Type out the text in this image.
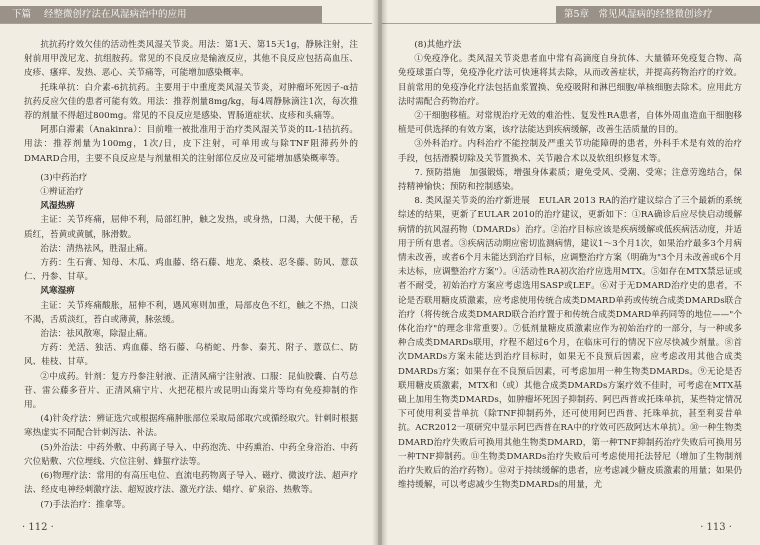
下篇 经整微创疗法在风湿病治中的应用

抗抗药疗效欠佳的活动性类风湿关节炎。用法：第1天、第15天1g，静脉注射，注射前用甲泼尼龙、抗组胺药。常见的不良反应是输液反应，其他不良反应包括高血压、皮疹、瘙痒、发热、恶心、关节痛等，可能增加感染概率。

托珠单抗：白介素-6抗抗药。主要用于中重度类风湿关节炎，对肿瘤坏死因子-α拮抗药反应欠佳的患者可能有效。用法：推荐剂量8mg/kg，每4周静脉滴注1次，每次推荐的剂量不得超过800mg。常见的不良反应是感染、胃肠道症状、皮疹和头痛等。

阿那白滞素（Anakinra）：目前唯一被批准用于治疗类风湿关节炎的IL-1拮抗药。用法：推荐剂量为100mg，1次/日，皮下注射，可单用或与除TNF阻滞药外的DMARD合用，主要不良反应是与剂量相关的注射部位反应及可能增加感染概率等。

(3)中药治疗

①辨证治疗

风湿热痹

主证：关节疼痛，屈伸不利，局部红肿，触之发热，或身热，口渴，大便干秘，舌质红，苔黄或黄腻，脉滑数。

治法：清热祛风，胜湿止痛。

方药：生石膏、知母、木瓜、鸡血藤、络石藤、地龙、桑枝、忍冬藤、防风、薏苡仁、丹参、甘草。

风寒湿痹

主证：关节疼痛酸胀，屈伸不利，遇风寒则加重，局部皮色不红，触之不热，口淡不渴，舌质淡红，苔白或薄黄，脉弦缓。

治法：祛风散寒，除湿止痛。

方药：羌活、独活、鸡血藤、络石藤、乌梢蛇、丹参、秦艽、附子、薏苡仁、防风、桂枝、甘草。

②中成药。针剂：复方丹参注射液、正清风痛宁注射液、口服：昆仙胶囊、白芍总苷、雷公藤多苷片、正清风痛宁片、火把花根片或昆明山海棠片等均有免疫抑制的作用。

(4)针灸疗法：辨证选穴或根据疼痛肿胀部位采取局部取穴或循经取穴。针刺时根据寒热虚实不同配合针刺泻法、补法。

(5)外治法：中药外敷、中药离子导入、中药泡洗、中药熏治、中药全身浴治、中药穴位贴敷、穴位埋线、穴位注射、蜂蜇疗法等。

(6)物理疗法：常用的有高压电位、直流电药物离子导入、磁疗、微波疗法、超声疗法、经皮电神经刺激疗法、超短波疗法、激光疗法、蜡疗、矿泉浴、热敷等。

(7)手法治疗：推拿等。

· 112 ·
第5章　常见风湿病的经整微创诊疗

(8)其他疗法

①免疫净化。类风湿关节炎患者血中常有高滴度自身抗体、大量循环免疫复合物、高免疫球蛋白等，免疫净化疗法可快速将其去除，从而改善症状，并提高药物治疗的疗效。目前常用的免疫净化疗法包括血浆置换、免疫吸附和淋巴细胞/单核细胞去除术。应用此方法时需配合药物治疗。

②干细胞移植。对常规治疗无效的难治性、复发性RA患者，自体外周血造血干细胞移植是可供选择的有效方案，该疗法能达到疾病缓解，改善生活质量的目的。

③外科治疗。内科治疗不能控制及严重关节功能障碍的患者，外科手术是有效的治疗手段，包括滑膜切除及关节置换术、关节融合术以及软组织修复术等。

7. 预防措施　加强锻炼，增强身体素质；避免受风、受潮、受寒；注意劳逸结合，保持精神愉快；预防和控制感染。

8. 类风湿关节炎的治疗新进展　EULAR 2013 RA的治疗建议综合了三个最新的系统综述的结果，更新了EULAR 2010的治疗建议，更新如下：①RA确诊后应尽快启动缓解病情的抗风湿药物（DMARDs）治疗。②治疗目标应该是疾病缓解或低疾病活动度，并适用于所有患者。③疾病活动期应密切监测病情，建议1～3个月1次，如果治疗最多3个月病情未改善，或者6个月未能达到治疗目标，应调整治疗方案（明确为"3个月未改善或6个月未达标，应调整治疗方案"）。④活动性RA初次治疗应选用MTX。⑤如存在MTX禁忌证或者不耐受，初始治疗方案应考虑选用SASP或LEF。⑥对于无DMARD治疗史的患者，不论是否联用糖皮质激素，应考虑使用传统合成类DMARD单药或传统合成类DMARDs联合治疗（将传统合成类DMARD联合治疗置于和传统合成类DMARD单药同等的地位——"个体化治疗"的理念非常重要）。⑦低剂量糖皮质激素应作为初始治疗的一部分，与一种或多种合成类DMARDs联用，疗程不超过6个月，在临床可行的情况下应尽快减少剂量。⑧首次DMARDs方案未能达到治疗目标时，如果无不良预后因素，应考虑改用其他合成类DMARDs方案；如果存在不良预后因素，可考虑加用一种生物类DMARDs。⑨无论是否联用糖皮质激素，MTX和（或）其他合成类DMARDs方案疗效不佳时，可考虑在MTX基础上加用生物类DMARDs，如肿瘤坏死因子抑制药、阿巴西普或托珠单抗，某些特定情况下可使用利妥昔单抗（除TNF抑制药外，还可使用阿巴西普、托珠单抗，甚至利妥昔单抗。ACR2012一项研究中显示阿巴西普在RA中的疗效可匹敌阿达木单抗）。⑩一种生物类DMARD治疗失败后可换用其他生物类DMARD，第一种TNF抑制药治疗失败后可换用另一种TNF抑制药。⑪生物类DMARDs治疗失败后可考虑使用托法替尼（增加了生物制剂治疗失败后的治疗药物）。⑫对于持续缓解的患者，应考虑减少糖皮质激素的用量；如果仍维持缓解，可以考虑减少生物类DMARDs的用量，尤

· 113 ·
